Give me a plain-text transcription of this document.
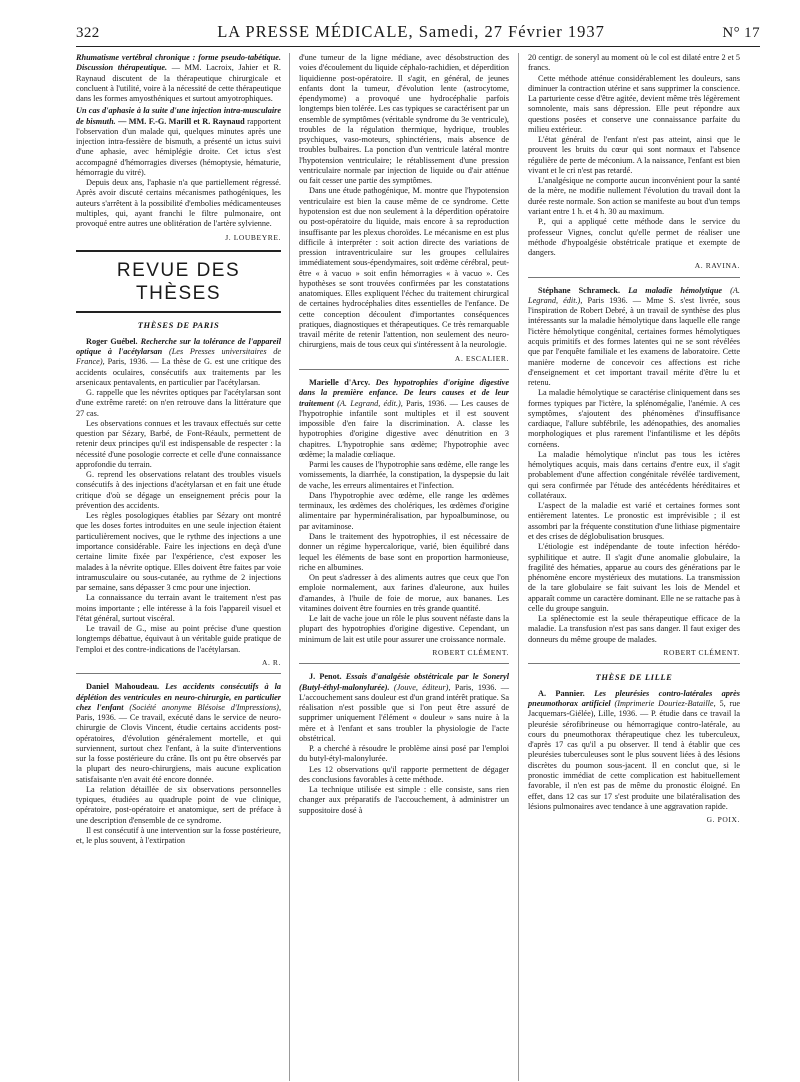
322	LA PRESSE MÉDICALE, Samedi, 27 Février 1937	N° 17

Rhumatisme vertébral chronique : forme pseudo-tabétique. Discussion thérapeutique. — MM. Lacroix, Jahier et R. Raynaud discutent de la thérapeutique chirurgicale et concluent à l'utilité, voire à la nécessité de cette thérapeutique dans les formes amyosthéniques et surtout amyotrophiques.

Un cas d'aphasie à la suite d'une injection intra-musculaire de bismuth. — MM. F.-G. Marill et R. Raynaud rapportent l'observation d'un malade qui, quelques minutes après une injection intra-fessière de bismuth, a présenté un ictus suivi d'une aphasie, avec hémiplégie droite. Cet ictus s'est accompagné d'hémorragies diverses (hémoptysie, hématurie, hémorragie du vitré).

Depuis deux ans, l'aphasie n'a que partiellement régressé. Après avoir discuté certains mécanismes pathogéniques, les auteurs s'arrêtent à la possibilité d'embolies médicamenteuses multiples, qui, ayant franchi le filtre pulmonaire, ont provoqué entre autres une oblitération de l'artère sylvienne.

J. LOUBEYRE.
REVUE DES THÈSES
THÈSES DE PARIS

Roger Guébel. Recherche sur la tolérance de l'appareil optique à l'acétylarsan (Les Presses universitaires de France), Paris, 1936. — La thèse de G. est une critique des accidents oculaires, consécutifs aux traitements par les arsenicaux pentavalents, en particulier par l'acétylarsan.

G. rappelle que les névrites optiques par l'acétylarsan sont d'une extrême rareté: on n'en retrouve dans la littérature que 27 cas.

Les observations connues et les travaux effectués sur cette question par Sézary, Barbé, de Font-Réaulx, permettent de retenir deux principes qu'il est indispensable de respecter : la nécessité d'une posologie correcte et celle d'une connaissance approfondie du terrain.

G. reprend les observations relatant des troubles visuels consécutifs à des injections d'acétylarsan et en fait une étude critique d'où se dégage un enseignement précis pour la prévention des accidents.

Les règles posologiques établies par Sézary ont montré que les doses fortes introduites en une seule injection étaient particulièrement nocives, que le rythme des injections a une importance considérable. Faire les injections en deçà d'une certaine limite fixée par l'expérience, c'est exposer les malades à la névrite optique. Elles doivent être faites par voie intramusculaire ou sous-cutanée, au rythme de 2 injections par semaine, sans dépasser 3 cmc pour une injection.

La connaissance du terrain avant le traitement n'est pas moins importante ; elle intéresse à la fois l'appareil visuel et l'état général, surtout viscéral.

Le travail de G., mise au point précise d'une question longtemps débattue, équivaut à un véritable guide pratique de l'emploi et des contre-indications de l'acétylarsan.

A. R.

Daniel Mahoudeau. Les accidents consécutifs à la déplétion des ventricules en neuro-chirurgie, en particulier chez l'enfant (Société anonyme Blésoise d'Impressions), Paris, 1936. — Ce travail, exécuté dans le service de neuro-chirurgie de Clovis Vincent, étudie certains accidents post-opératoires, d'évolution généralement mortelle, et qui surviennent, surtout chez l'enfant, à la suite d'interventions sur la fosse postérieure du crâne. Ils ont pu être observés par la plupart des neuro-chirurgiens, mais aucune explication satisfaisante n'en avait été encore donnée.

La relation détaillée de six observations personnelles typiques, étudiées au quadruple point de vue clinique, opératoire, post-opératoire et anatomique, sert de préface à une description d'ensemble de ce syndrome.

Il est consécutif à une intervention sur la fosse postérieure, et, le plus souvent, à l'extirpation

d'une tumeur de la ligne médiane, avec désobstruction des voies d'écoulement du liquide céphalo-rachidien, et déperdition liquidienne post-opératoire. Il s'agit, en général, de jeunes enfants dont la tumeur, d'évolution lente (astrocytome, épendymome) a provoqué une hydrocéphalie parfois longtemps bien tolérée. Les cas typiques se caractérisent par un ensemble de symptômes (véritable syndrome du 3e ventricule), troubles de la régulation thermique, hydrique, troubles psychiques, vaso-moteurs, sphinctériens, mais absence de troubles bulbaires. La ponction d'un ventricule latéral montre l'hypotension ventriculaire; le rétablissement d'une pression ventriculaire normale par injection de liquide ou d'air atténue ou fait cesser une partie des symptômes.

Dans une étude pathogénique, M. montre que l'hypotension ventriculaire est bien la cause même de ce syndrome. Cette hypotension est due non seulement à la déperdition opératoire ou post-opératoire du liquide, mais encore à sa reproduction insuffisante par les plexus choroïdes. Le mécanisme en est plus difficile à interpréter : soit action directe des variations de pression intraventriculaire sur les groupes cellulaires immédiatement sous-épendymaires, soit œdème cérébral, peut-être « à vacuo » soit enfin hémorragies « à vacuo ». Ces hypothèses se sont trouvées confirmées par les constatations anatomiques. Elles expliquent l'échec du traitement chirurgical de certaines hydrocéphalies dites essentielles de l'enfance. De cette conception découlent d'importantes conséquences pratiques, diagnostiques et thérapeutiques. Ce très remarquable travail mérite de retenir l'attention, non seulement des neuro-chirurgiens, mais de tous ceux qui s'intéressent à la neurologie.

A. ESCALIER.

Marielle d'Arcy. Des hypotrophies d'origine digestive dans la première enfance. De leurs causes et de leur traitement (A. Legrand, édit.), Paris, 1936. — Les causes de l'hypotrophie infantile sont multiples et il est souvent impossible d'en faire la discrimination. A. classe les hypotrophies d'origine digestive avec dénutrition en 3 chapitres. L'hypotrophie sans œdème; l'hypotrophie avec œdème; la maladie cœliaque.

Parmi les causes de l'hypotrophie sans œdème, elle range les vomissements, la diarrhée, la constipation, la dyspepsie du lait de vache, les erreurs alimentaires et l'infection.

Dans l'hypotrophie avec œdème, elle range les œdèmes terminaux, les œdèmes des cholériques, les œdèmes d'origine alimentaire par hyperminéralisation, par hypoalbuminose, ou par avitaminose.

Dans le traitement des hypotrophies, il est nécessaire de donner un régime hypercalorique, varié, bien équilibré dans lequel les éléments de base sont en proportion harmonieuse, riche en albumines.

On peut s'adresser à des aliments autres que ceux que l'on emploie normalement, aux farines d'aleurone, aux huiles d'amandes, à l'huile de foie de morue, aux bananes. Les vitamines doivent être fournies en très grande quantité.

Le lait de vache joue un rôle le plus souvent néfaste dans la plupart des hypotrophies d'origine digestive. Cependant, un minimum de lait est utile pour assurer une croissance normale.

ROBERT CLÉMENT.

J. Penot. Essais d'analgésie obstétricale par le Soneryl (Butyl-éthyl-malonylurée). (Jouve, éditeur), Paris, 1936. — L'accouchement sans douleur est d'un grand intérêt pratique. Sa réalisation n'est possible que si l'on peut être assuré de supprimer uniquement l'élément « douleur » sans nuire à la mère et à l'enfant et sans troubler la physiologie de l'acte obstétrical.

P. a cherché à résoudre le problème ainsi posé par l'emploi du butyl-étyl-malonylurée.

Les 12 observations qu'il rapporte permettent de dégager des conclusions favorables à cette méthode.

La technique utilisée est simple : elle consiste, sans rien changer aux préparatifs de l'accouchement, à administrer un suppositoire dosé à

20 centigr. de soneryl au moment où le col est dilaté entre 2 et 5 francs.

Cette méthode atténue considérablement les douleurs, sans diminuer la contraction utérine et sans supprimer la conscience. La parturiente cesse d'être agitée, devient même très légèrement somnolente, mais sans dépression. Elle peut répondre aux questions posées et conserve une connaissance parfaite du milieu extérieur.

L'état général de l'enfant n'est pas atteint, ainsi que le prouvent les bruits du cœur qui sont normaux et l'absence régulière de perte de méconium. A la naissance, l'enfant est bien vivant et le cri n'est pas retardé.

L'analgésique ne comporte aucun inconvénient pour la santé de la mère, ne modifie nullement l'évolution du travail dont la durée reste normale. Son action se manifeste au bout d'un temps variant entre 1 h. et 4 h. 30 au maximum.

P., qui a appliqué cette méthode dans le service du professeur Vignes, conclut qu'elle permet de réaliser une méthode d'hypoalgésie obstétricale pratique et exempte de dangers.

A. RAVINA.

Stéphane Schrameck. La maladie hémolytique (A. Legrand, édit.), Paris 1936. — Mme S. s'est livrée, sous l'inspiration de Robert Debré, à un travail de synthèse des plus intéressants sur la maladie hémolytique dans laquelle elle range l'ictère hémolytique congénital, certaines formes hémolytiques acquis primitifs et des formes latentes qui ne se sont révélées que par l'enquête familiale et les examens de laboratoire. Cette manière moderne de concevoir ces affections est riche d'enseignement et cet important travail mérite d'être lu et retenu.

La maladie hémolytique se caractérise cliniquement dans ses formes typiques par l'ictère, la splénomégalie, l'anémie. A ces symptômes, s'ajoutent des phénomènes d'insuffisance cardiaque, l'allure subfébrile, les adénopathies, des anomalies morphologiques et plus rarement l'infantilisme et les dépôts cornéens.

La maladie hémolytique n'inclut pas tous les ictères hémolytiques acquis, mais dans certains d'entre eux, il s'agit probablement d'une affection congénitale révélée tardivement, qui sera confirmée par l'étude des antécédents héréditaires et collatéraux.

L'aspect de la maladie est varié et certaines formes sont entièrement latentes. Le pronostic est imprévisible ; il est assombri par la fréquente constitution d'une lithiase pigmentaire et des crises de déglobulisation brusques.

L'étiologie est indépendante de toute infection hérédo-syphilitique et autre. Il s'agit d'une anomalie globulaire, la fragilité des hématies, apparue au cours des générations par le phénomène encore mystérieux des mutations. La transmission de la tare globulaire se fait suivant les lois de Mendel et apparaît comme un caractère dominant. Elle ne se rattache pas à celle du groupe sanguin.

La splénectomie est la seule thérapeutique efficace de la maladie. La transfusion n'est pas sans danger. Il faut exiger des donneurs du même groupe de malades.

ROBERT CLÉMENT.
THÈSE DE LILLE

A. Pannier. Les pleurésies contro-latérales après pneumothorax artificiel (Imprimerie Douriez-Bataille, 5, rue Jacquemars-Giélée), Lille, 1936. — P. étudie dans ce travail la pleurésie sérofibrineuse ou hémorragique contro-latérale, au cours du pneumothorax thérapeutique chez les tuberculeux, d'après 17 cas qu'il a pu observer. Il tend à établir que ces pleurésies tuberculeuses sont le plus souvent liées à des lésions discrètes du poumon sous-jacent. Il en conclut que, si le pronostic immédiat de cette complication est habituellement favorable, il n'en est pas de même du pronostic éloigné. En effet, dans 12 cas sur 17 s'est produite une bilatéralisation des lésions pulmonaires avec tendance à une aggravation rapide.

G. POIX.
